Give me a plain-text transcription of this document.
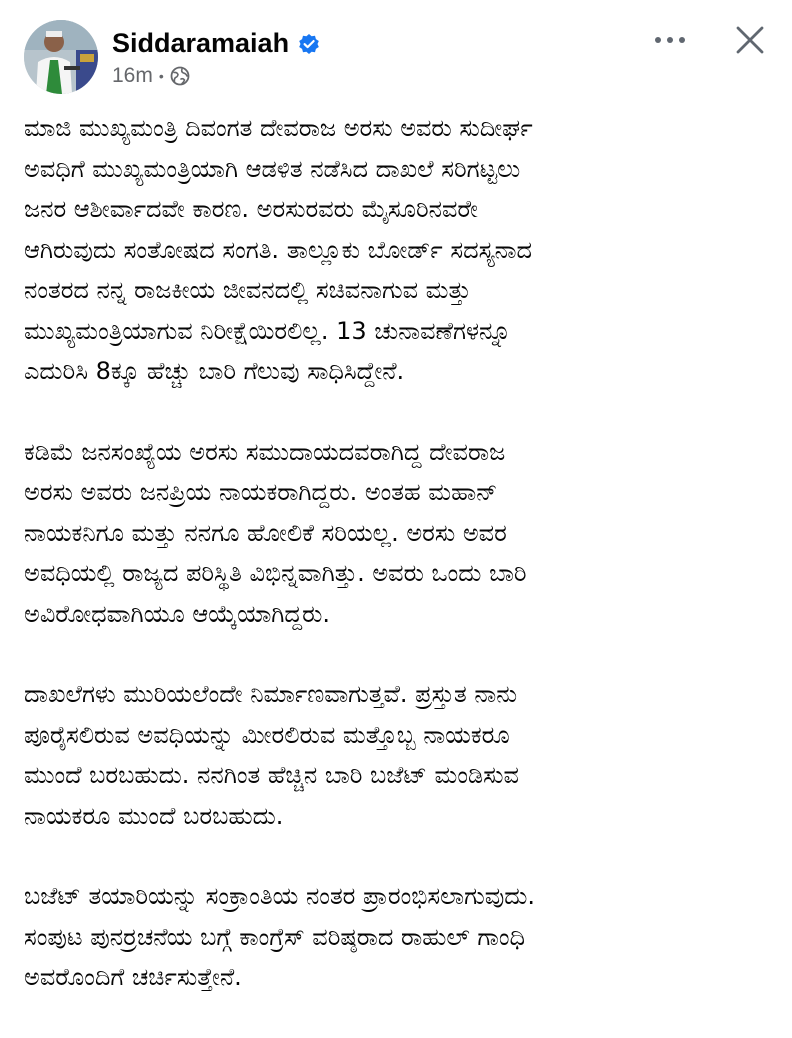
Siddaramaiah
16m •

ಮಾಜಿ ಮುಖ್ಯಮಂತ್ರಿ ದಿವಂಗತ ದೇವರಾಜ ಅರಸು ಅವರು ಸುದೀರ್ಘ
ಅವಧಿಗೆ ಮುಖ್ಯಮಂತ್ರಿಯಾಗಿ ಆಡಳಿತ ನಡೆಸಿದ ದಾಖಲೆ ಸರಿಗಟ್ಟಲು
ಜನರ ಆಶೀರ್ವಾದವೇ ಕಾರಣ. ಅರಸುರವರು ಮೈಸೂರಿನವರೇ
ಆಗಿರುವುದು ಸಂತೋಷದ ಸಂಗತಿ. ತಾಲ್ಲೂಕು ಬೋರ್ಡ್ ಸದಸ್ಯನಾದ
ನಂತರದ ನನ್ನ ರಾಜಕೀಯ ಜೀವನದಲ್ಲಿ ಸಚಿವನಾಗುವ ಮತ್ತು
ಮುಖ್ಯಮಂತ್ರಿಯಾಗುವ ನಿರೀಕ್ಷೆಯಿರಲಿಲ್ಲ. 13 ಚುನಾವಣೆಗಳನ್ನೂ
ಎದುರಿಸಿ 8ಕ್ಕೂ ಹೆಚ್ಚು ಬಾರಿ ಗೆಲುವು ಸಾಧಿಸಿದ್ದೇನೆ.

ಕಡಿಮೆ ಜನಸಂಖ್ಯೆಯ ಅರಸು ಸಮುದಾಯದವರಾಗಿದ್ದ ದೇವರಾಜ
ಅರಸು ಅವರು ಜನಪ್ರಿಯ ನಾಯಕರಾಗಿದ್ದರು. ಅಂತಹ ಮಹಾನ್
ನಾಯಕನಿಗೂ ಮತ್ತು ನನಗೂ ಹೋಲಿಕೆ ಸರಿಯಲ್ಲ. ಅರಸು ಅವರ
ಅವಧಿಯಲ್ಲಿ ರಾಜ್ಯದ ಪರಿಸ್ಥಿತಿ ವಿಭಿನ್ನವಾಗಿತ್ತು. ಅವರು ಒಂದು ಬಾರಿ
ಅವಿರೋಧವಾಗಿಯೂ ಆಯ್ಕೆಯಾಗಿದ್ದರು.

ದಾಖಲೆಗಳು ಮುರಿಯಲೆಂದೇ ನಿರ್ಮಾಣವಾಗುತ್ತವೆ. ಪ್ರಸ್ತುತ ನಾನು
ಪೂರೈಸಲಿರುವ ಅವಧಿಯನ್ನು ಮೀರಲಿರುವ ಮತ್ತೊಬ್ಬ ನಾಯಕರೂ
ಮುಂದೆ ಬರಬಹುದು. ನನಗಿಂತ ಹೆಚ್ಚಿನ ಬಾರಿ ಬಜೆಟ್ ಮಂಡಿಸುವ
ನಾಯಕರೂ ಮುಂದೆ ಬರಬಹುದು.

ಬಜೆಟ್ ತಯಾರಿಯನ್ನು ಸಂಕ್ರಾಂತಿಯ ನಂತರ ಪ್ರಾರಂಭಿಸಲಾಗುವುದು.
ಸಂಪುಟ ಪುನರ್ರಚನೆಯ ಬಗ್ಗೆ ಕಾಂಗ್ರೆಸ್ ವರಿಷ್ಠರಾದ ರಾಹುಲ್ ಗಾಂಧಿ
ಅವರೊಂದಿಗೆ ಚರ್ಚಿಸುತ್ತೇನೆ.
